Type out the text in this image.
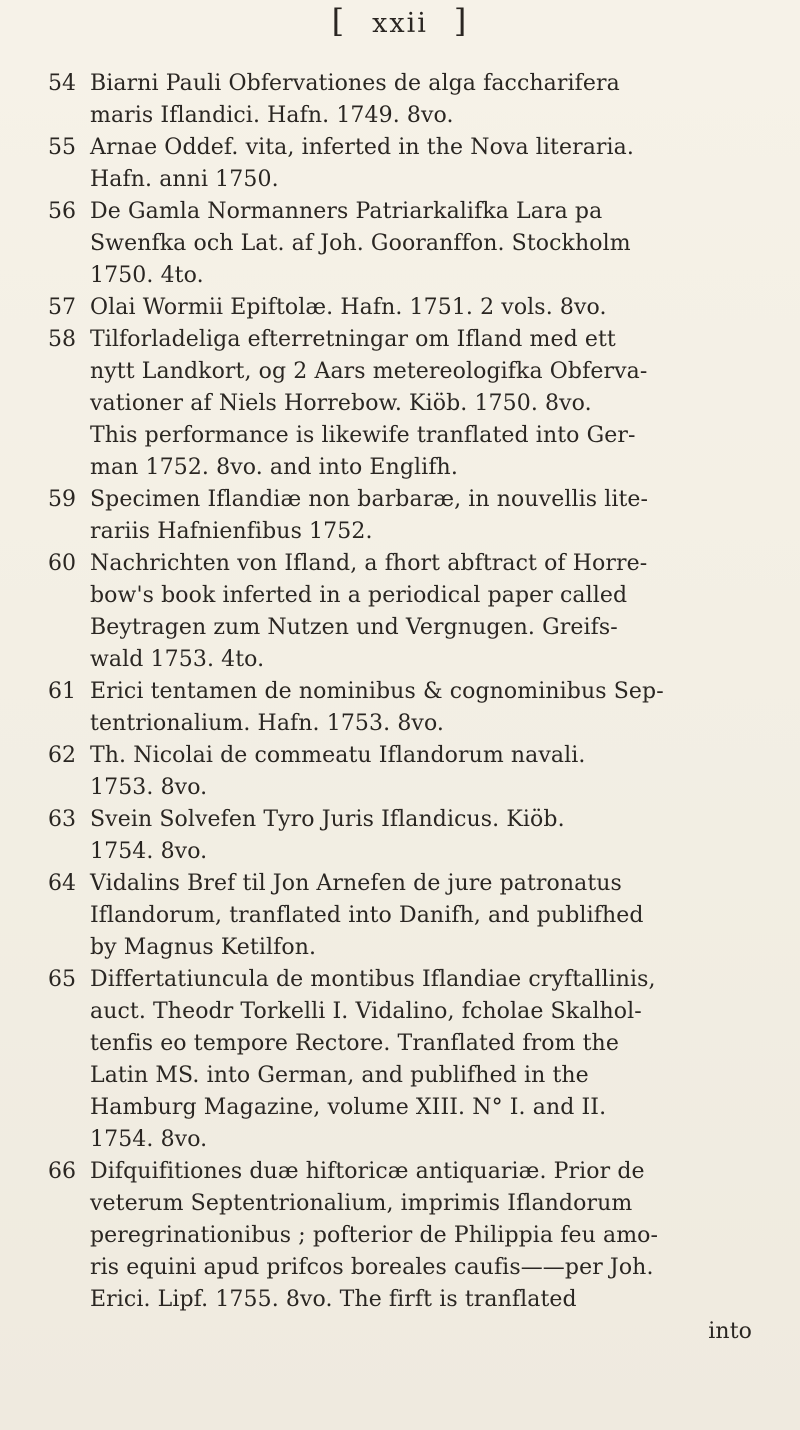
[ xxii ]
54 Biarni Pauli Obfervationes de alga faccharifera
maris Iflandici. Hafn. 1749. 8vo.
55 Arnae Oddef. vita, inferted in the Nova literaria.
Hafn. anni 1750.
56 De Gamla Normanners Patriarkalifka Lara pa
Swenfka och Lat. af Joh. Gooranffon. Stockholm
1750. 4to.
57 Olai Wormii Epiftolæ. Hafn. 1751. 2 vols. 8vo.
58 Tilforladeliga efterretningar om Ifland med ett
nytt Landkort, og 2 Aars metereologifka Obferva-
vationer af Niels Horrebow. Kiöb. 1750. 8vo.
This performance is likewife tranflated into Ger-
man 1752. 8vo. and into Englifh.
59 Specimen Iflandiæ non barbaræ, in nouvellis lite-
rariis Hafnienfibus 1752.
60 Nachrichten von Ifland, a fhort abftract of Horre-
bow's book inferted in a periodical paper called
Beytragen zum Nutzen und Vergnugen. Greifs-
wald 1753. 4to.
61 Erici tentamen de nominibus & cognominibus Sep-
tentrionalium. Hafn. 1753. 8vo.
62 Th. Nicolai de commeatu Iflandorum navali.
1753. 8vo.
63 Svein Solvefen Tyro Juris Iflandicus. Kiöb.
1754. 8vo.
64 Vidalins Bref til Jon Arnefen de jure patronatus
Iflandorum, tranflated into Danifh, and publifhed
by Magnus Ketilfon.
65 Differtatiuncula de montibus Iflandiae cryftallinis,
auct. Theodr Torkelli I. Vidalino, fcholae Skalhol-
tenfis eo tempore Rectore. Tranflated from the
Latin MS. into German, and publifhed in the
Hamburg Magazine, volume XIII. N° I. and II.
1754. 8vo.
66 Difquifitiones duæ hiftoricæ antiquariæ. Prior de
veterum Septentrionalium, imprimis Iflandorum
peregrinationibus ; pofterior de Philippia feu amo-
ris equini apud prifcos boreales caufis——per Joh.
Erici. Lipf. 1755. 8vo. The firft is tranflated
into
